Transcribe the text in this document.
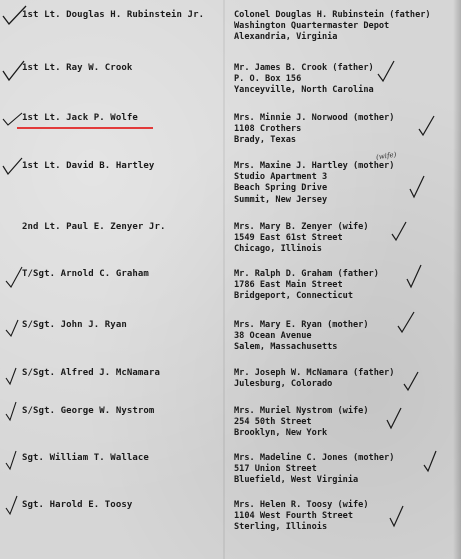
1st Lt. Douglas H. Rubinstein Jr.	Colonel Douglas H. Rubinstein (father)
Washington Quartermaster Depot
Alexandria, Virginia
1st Lt. Ray W. Crook	Mr. James B. Crook (father)
P. O. Box 156
Yanceyville, North Carolina
1st Lt. Jack P. Wolfe	Mrs. Minnie J. Norwood (mother)
1108 Crothers
Brady, Texas
1st Lt. David B. Hartley	Mrs. Maxine J. Hartley (mother)
Studio Apartment 3
Beach Spring Drive
Summit, New Jersey
(wife)
2nd Lt. Paul E. Zenyer Jr.	Mrs. Mary B. Zenyer (wife)
1549 East 61st Street
Chicago, Illinois
T/Sgt. Arnold C. Graham	Mr. Ralph D. Graham (father)
1786 East Main Street
Bridgeport, Connecticut
S/Sgt. John J. Ryan	Mrs. Mary E. Ryan (mother)
38 Ocean Avenue
Salem, Massachusetts
S/Sgt. Alfred J. McNamara	Mr. Joseph W. McNamara (father)
Julesburg, Colorado
S/Sgt. George W. Nystrom	Mrs. Muriel Nystrom (wife)
254 50th Street
Brooklyn, New York
Sgt. William T. Wallace	Mrs. Madeline C. Jones (mother)
517 Union Street
Bluefield, West Virginia
Sgt. Harold E. Toosy	Mrs. Helen R. Toosy (wife)
1104 West Fourth Street
Sterling, Illinois
